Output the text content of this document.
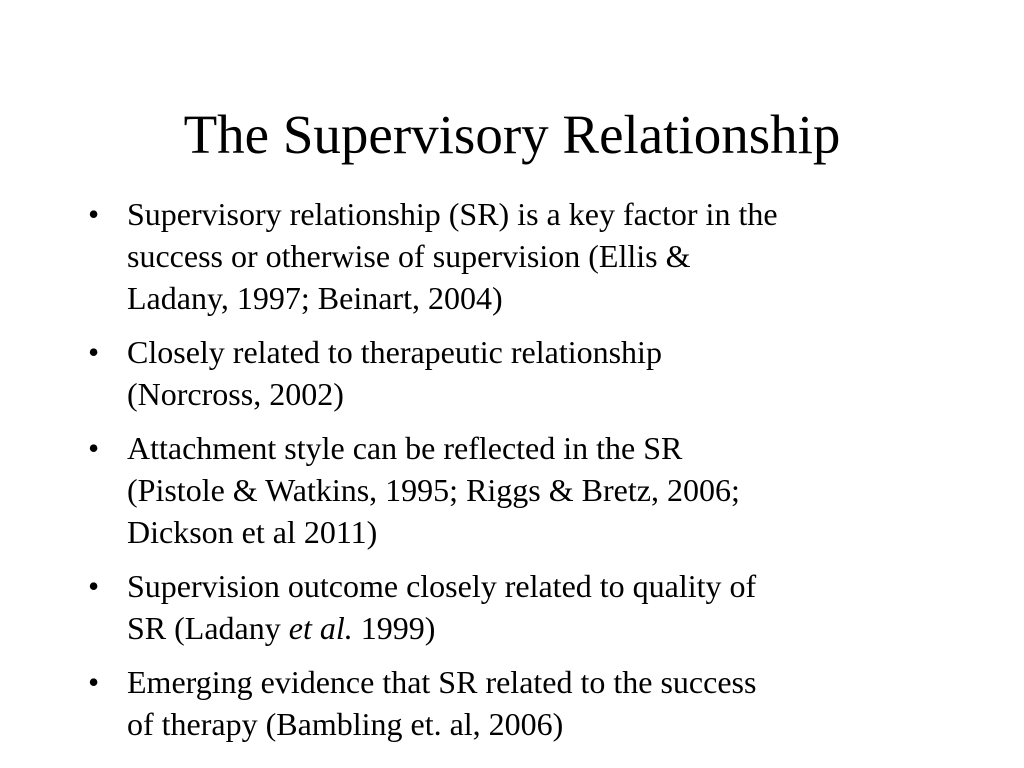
The Supervisory Relationship
• Supervisory relationship (SR) is a key factor in the
success or otherwise of supervision (Ellis &
Ladany, 1997; Beinart, 2004)
• Closely related to therapeutic relationship
(Norcross, 2002)
• Attachment style can be reflected in the SR
(Pistole & Watkins, 1995; Riggs & Bretz, 2006;
Dickson et al 2011)
• Supervision outcome closely related to quality of
SR (Ladany et al. 1999)
• Emerging evidence that SR related to the success
of therapy (Bambling et. al, 2006)
